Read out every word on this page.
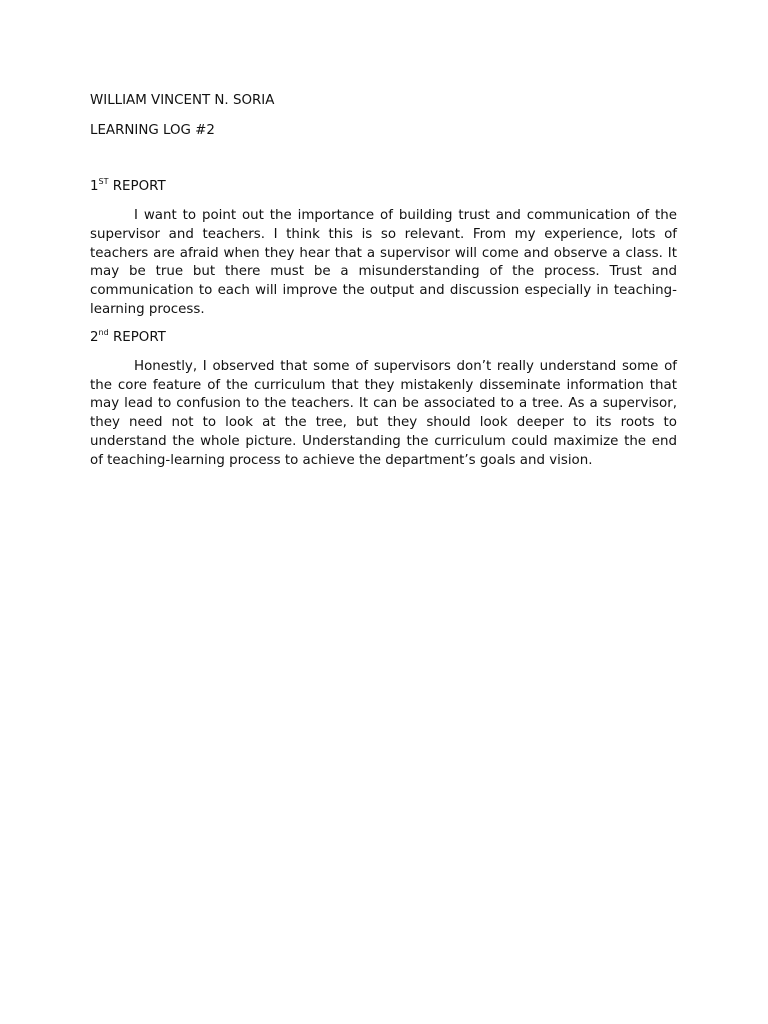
WILLIAM VINCENT N. SORIA

LEARNING LOG #2

1ST REPORT

I want to point out the importance of building trust and communication of the supervisor and teachers. I think this is so relevant. From my experience, lots of teachers are afraid when they hear that a supervisor will come and observe a class. It may be true but there must be a misunderstanding of the process. Trust and communication to each will improve the output and discussion especially in teaching-learning process.

2nd REPORT

Honestly, I observed that some of supervisors don’t really understand some of the core feature of the curriculum that they mistakenly disseminate information that may lead to confusion to the teachers. It can be associated to a tree. As a supervisor, they need not to look at the tree, but they should look deeper to its roots to understand the whole picture. Understanding the curriculum could maximize the end of teaching-learning process to achieve the department’s goals and vision.
